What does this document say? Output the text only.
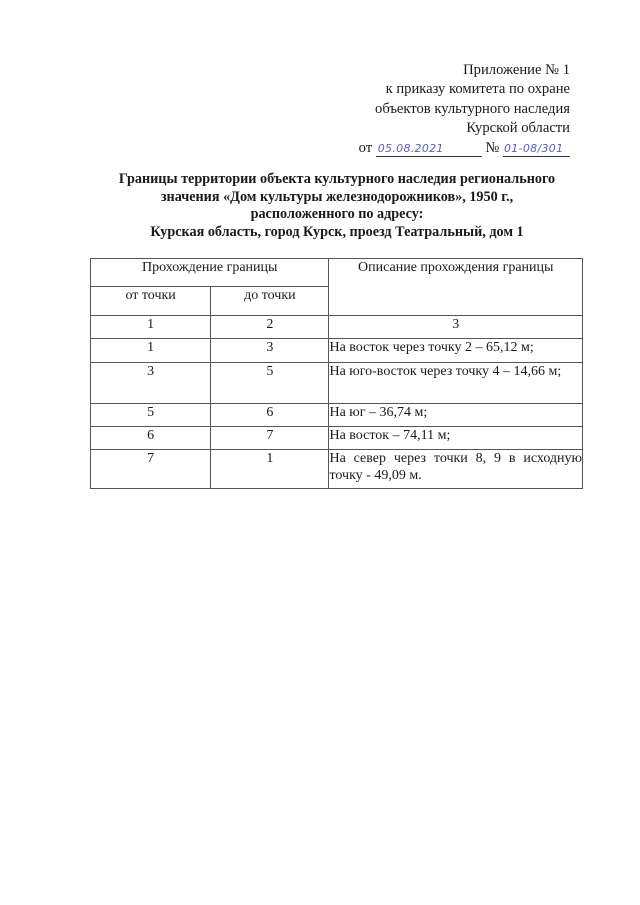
Приложение № 1
к приказу комитета по охране
объектов культурного наследия
Курской области
от 05.08.2021	№ 01-08/301
Границы территории объекта культурного наследия регионального
значения «Дом культуры железнодорожников», 1950 г.,
расположенного по адресу:
Курская область, город Курск, проезд Театральный, дом 1
Прохождение границы		Описание прохождения границы
от точки	до точки	
1	2	3
1	3	На восток через точку 2 – 65,12 м;
3	5	На юго-восток через точку 4 – 14,66 м;
5	6	На юг – 36,74 м;
6	7	На восток – 74,11 м;
7	1	На север через точки 8, 9 в исходную точку - 49,09 м.
